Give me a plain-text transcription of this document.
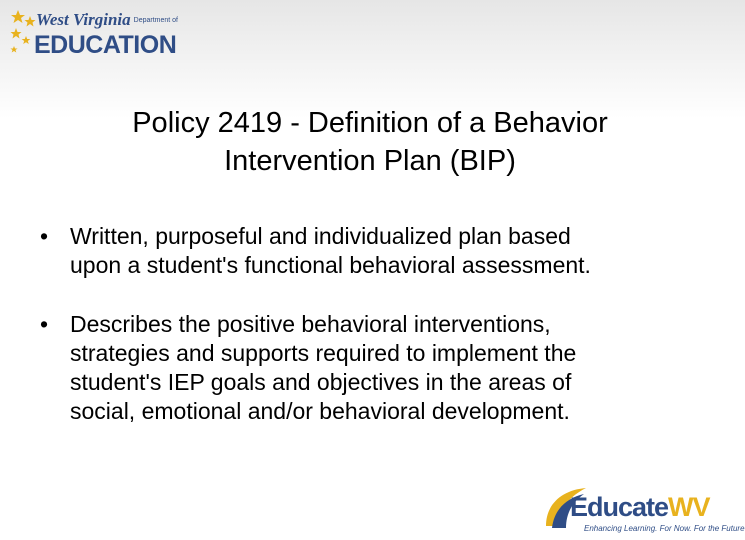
West Virginia Department of
EDUCATION
Policy 2419 - Definition of a Behavior
Intervention Plan (BIP)
• Written, purposeful and individualized plan based
upon a student's functional behavioral assessment.
• Describes the positive behavioral interventions,
strategies and supports required to implement the
student's IEP goals and objectives in the areas of
social, emotional and/or behavioral development.
EducateWV
Enhancing Learning. For Now. For the Future
